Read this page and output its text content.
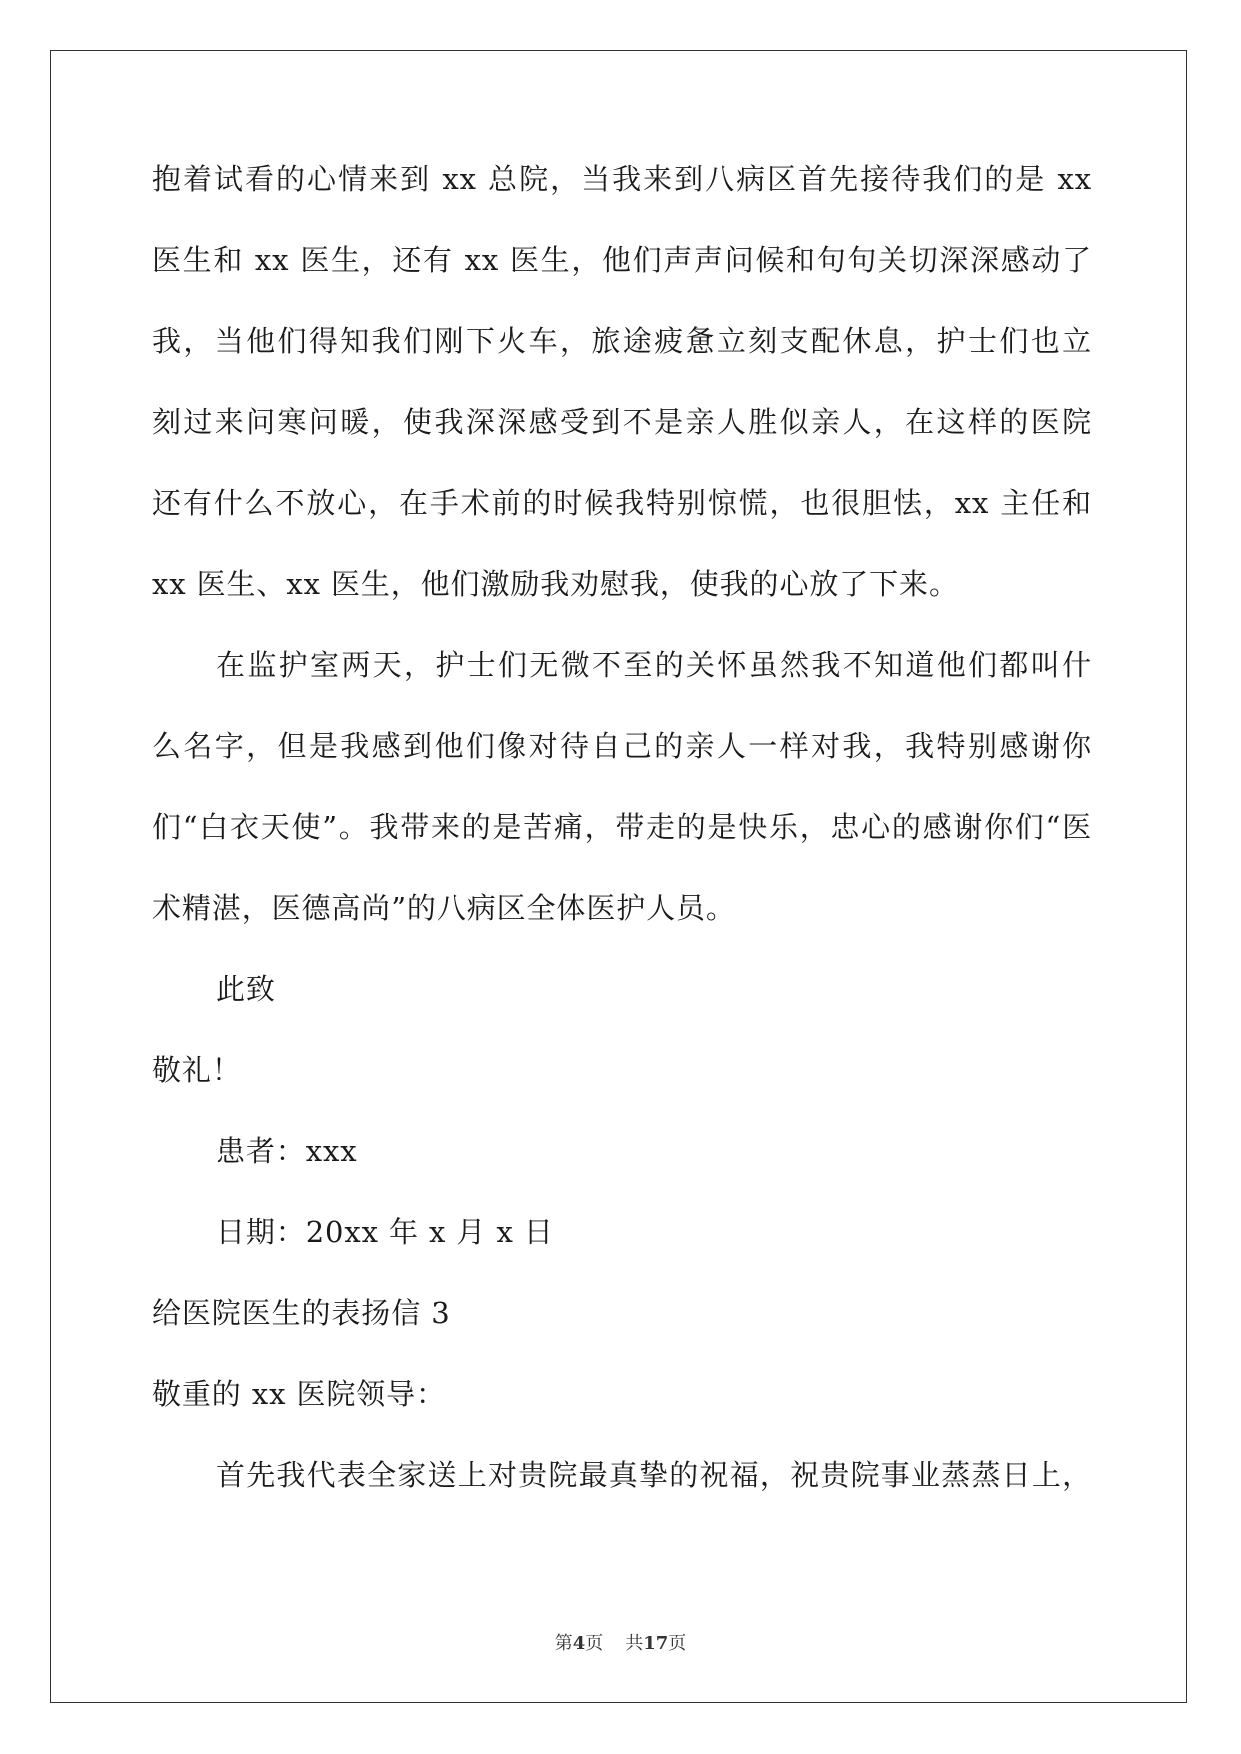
抱着试看的心情来到 xx 总院，当我来到八病区首先接待我们的是 xx
医生和 xx 医生，还有 xx 医生，他们声声问候和句句关切深深感动了
我，当他们得知我们刚下火车，旅途疲惫立刻支配休息，护士们也立
刻过来问寒问暖，使我深深感受到不是亲人胜似亲人，在这样的医院
还有什么不放心，在手术前的时候我特别惊慌，也很胆怯，xx 主任和
xx 医生、xx 医生，他们激励我劝慰我，使我的心放了下来。
在监护室两天，护士们无微不至的关怀虽然我不知道他们都叫什
么名字，但是我感到他们像对待自己的亲人一样对我，我特别感谢你
们“白衣天使”。我带来的是苦痛，带走的是快乐，忠心的感谢你们“医
术精湛，医德高尚”的八病区全体医护人员。
此致
敬礼！
患者：xxx
日期：20xx 年 x 月 x 日
给医院医生的表扬信 3
敬重的 xx 医院领导：
首先我代表全家送上对贵院最真挚的祝福，祝贵院事业蒸蒸日上，
第4页 共17页
